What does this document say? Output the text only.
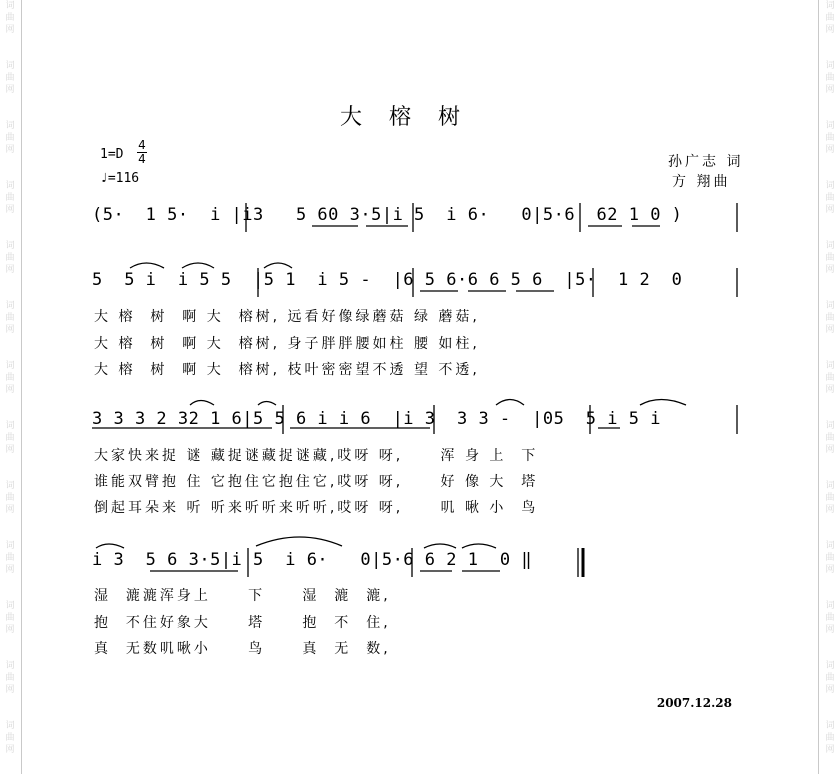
词
曲
网
词
曲
网
词
曲
网
词
曲
网
词
曲
网
词
曲
网
词
曲
网
词
曲
网
词
曲
网
词
曲
网
词
曲
网
词
曲
网
词
曲
网
词
曲
网
词
曲
网
词
曲
网
词
曲
网
词
曲
网
词
曲
网
词
曲
网
词
曲
网
词
曲
网
词
曲
网
词
曲
网
词
曲
网
词
曲
网
大 榕 树
1=D
4
4
♩=116
孙广志 词
方 翔曲
(5·  1 5·  i |i3   5 60 3·5|i 5  i 6·   0|5·6  62 1 0 )
5  5 i  i 5 5  |5 1  i 5 -  |6 5 6·6 6 5 6  |5·  1 2  0
大 榕  树  啊 大  榕树, 远看好像绿蘑菇 绿 蘑菇,
大 榕  树  啊 大  榕树, 身子胖胖腰如柱 腰 如柱,
大 榕  树  啊 大  榕树, 枝叶密密望不透 望 不透,
3 3 3 2 32 1 6|5 5 6 i i 6  |i 3  3 3 -  |05  5 i 5 i
大家快来捉 谜 藏捉谜藏捉谜藏,哎呀 呀,     浑 身 上  下
谁能双臂抱 住 它抱住它抱住它,哎呀 呀,     好 像 大  塔
倒起耳朵来 听 听来听听来听听,哎呀 呀,     叽 啾 小  鸟
i 3  5 6 3·5|i 5  i 6·   0|5·6 6 2 1  0 ‖
湿  漉漉浑身上     下     湿  漉  漉,
抱  不住好象大     塔     抱  不  住,
真  无数叽啾小     鸟     真  无  数,
2007.12.28
